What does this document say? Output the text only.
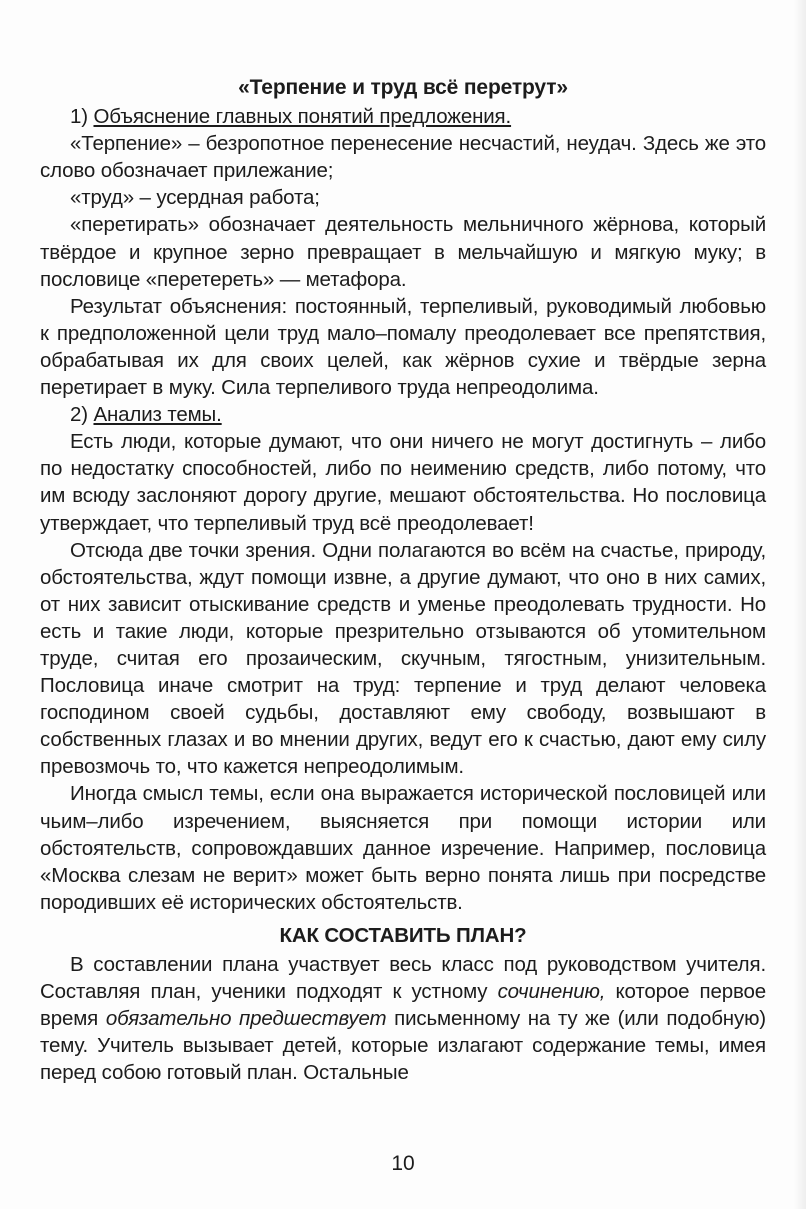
«Терпение и труд всё перетрут»

1) Объяснение главных понятий предложения.

«Терпение» – безропотное перенесение несчастий, неудач. Здесь же это слово обозначает прилежание;

«труд» – усердная работа;

«перетирать» обозначает деятельность мельничного жёрнова, который твёрдое и крупное зерно превращает в мельчайшую и мягкую муку; в пословице «перетереть» — метафора.

Результат объяснения: постоянный, терпеливый, руководимый любовью к предположенной цели труд мало–помалу преодолевает все препятствия, обрабатывая их для своих целей, как жёрнов сухие и твёрдые зерна перетирает в муку. Сила терпеливого труда непреодолима.

2) Анализ темы.

Есть люди, которые думают, что они ничего не могут достигнуть – либо по недостатку способностей, либо по неимению средств, либо потому, что им всюду заслоняют дорогу другие, мешают обстоятельства. Но пословица утверждает, что терпеливый труд всё преодолевает!

Отсюда две точки зрения. Одни полагаются во всём на счастье, природу, обстоятельства, ждут помощи извне, а другие думают, что оно в них самих, от них зависит отыскивание средств и уменье преодолевать трудности. Но есть и такие люди, которые презрительно отзываются об утомительном труде, считая его прозаическим, скучным, тягостным, унизительным. Пословица иначе смотрит на труд: терпение и труд делают человека господином своей судьбы, доставляют ему свободу, возвышают в собственных глазах и во мнении других, ведут его к счастью, дают ему силу превозмочь то, что кажется непреодолимым.

Иногда смысл темы, если она выражается исторической пословицей или чьим–либо изречением, выясняется при помощи истории или обстоятельств, сопровождавших данное изречение. Например, пословица «Москва слезам не верит» может быть верно понята лишь при посредстве породивших её исторических обстоятельств.

КАК СОСТАВИТЬ ПЛАН?

В составлении плана участвует весь класс под руководством учителя. Составляя план, ученики подходят к устному сочинению, которое первое время обязательно предшествует письменному на ту же (или подобную) тему. Учитель вызывает детей, которые излагают содержание темы, имея перед собою готовый план. Остальные

10
